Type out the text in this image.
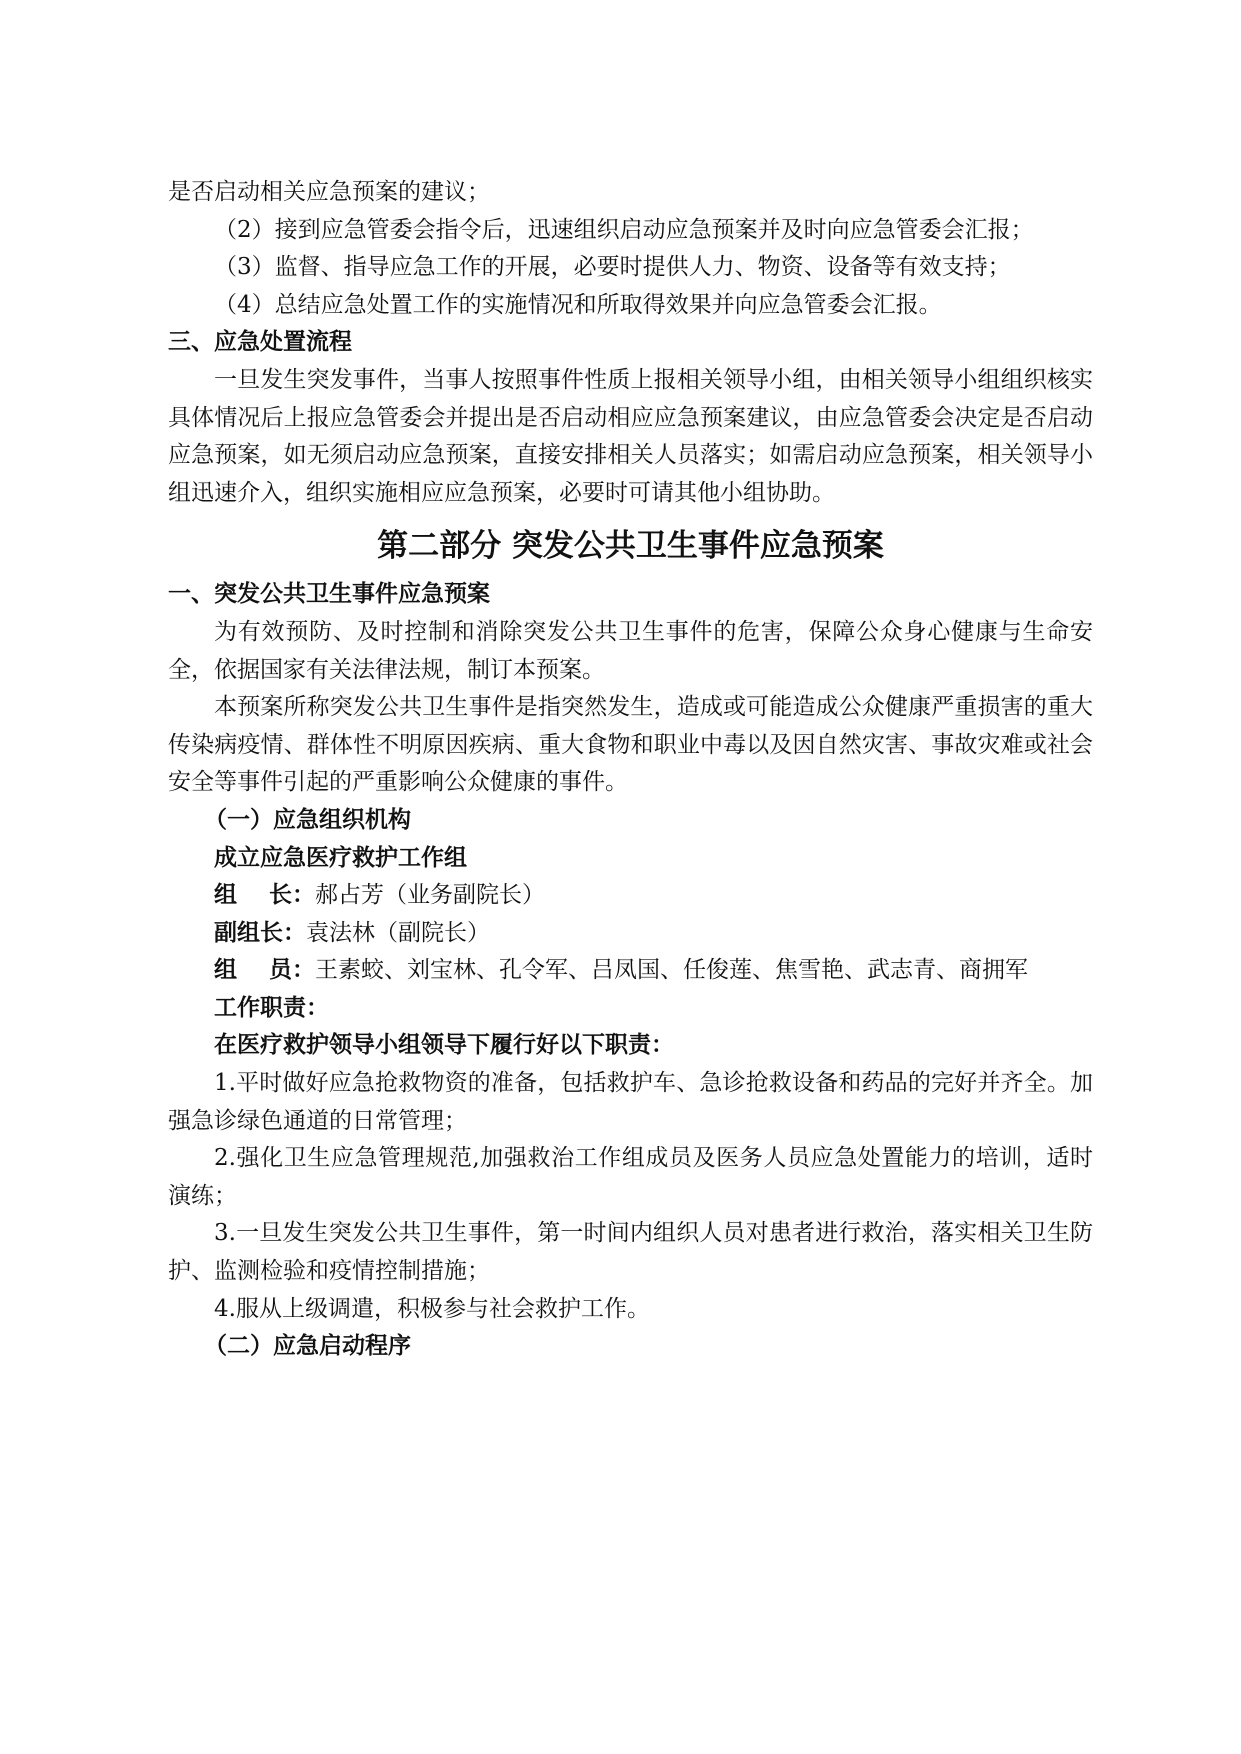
是否启动相关应急预案的建议；

（2）接到应急管委会指令后，迅速组织启动应急预案并及时向应急管委会汇报；

（3）监督、指导应急工作的开展，必要时提供人力、物资、设备等有效支持；

（4）总结应急处置工作的实施情况和所取得效果并向应急管委会汇报。

三、应急处置流程

一旦发生突发事件，当事人按照事件性质上报相关领导小组，由相关领导小组组织核实具体情况后上报应急管委会并提出是否启动相应应急预案建议，由应急管委会决定是否启动应急预案，如无须启动应急预案，直接安排相关人员落实；如需启动应急预案，相关领导小组迅速介入，组织实施相应应急预案，必要时可请其他小组协助。

第二部分 突发公共卫生事件应急预案

一、突发公共卫生事件应急预案

为有效预防、及时控制和消除突发公共卫生事件的危害，保障公众身心健康与生命安全，依据国家有关法律法规，制订本预案。

本预案所称突发公共卫生事件是指突然发生，造成或可能造成公众健康严重损害的重大传染病疫情、群体性不明原因疾病、重大食物和职业中毒以及因自然灾害、事故灾难或社会安全等事件引起的严重影响公众健康的事件。

（一）应急组织机构

成立应急医疗救护工作组

组    长：郝占芳（业务副院长）

副组长：袁法林（副院长）

组    员：王素蛟、刘宝林、孔令军、吕凤国、任俊莲、焦雪艳、武志青、商拥军

工作职责：

在医疗救护领导小组领导下履行好以下职责：

1.平时做好应急抢救物资的准备，包括救护车、急诊抢救设备和药品的完好并齐全。加强急诊绿色通道的日常管理；

2.强化卫生应急管理规范,加强救治工作组成员及医务人员应急处置能力的培训，适时演练；

3.一旦发生突发公共卫生事件，第一时间内组织人员对患者进行救治，落实相关卫生防护、监测检验和疫情控制措施；

4.服从上级调遣，积极参与社会救护工作。

（二）应急启动程序
